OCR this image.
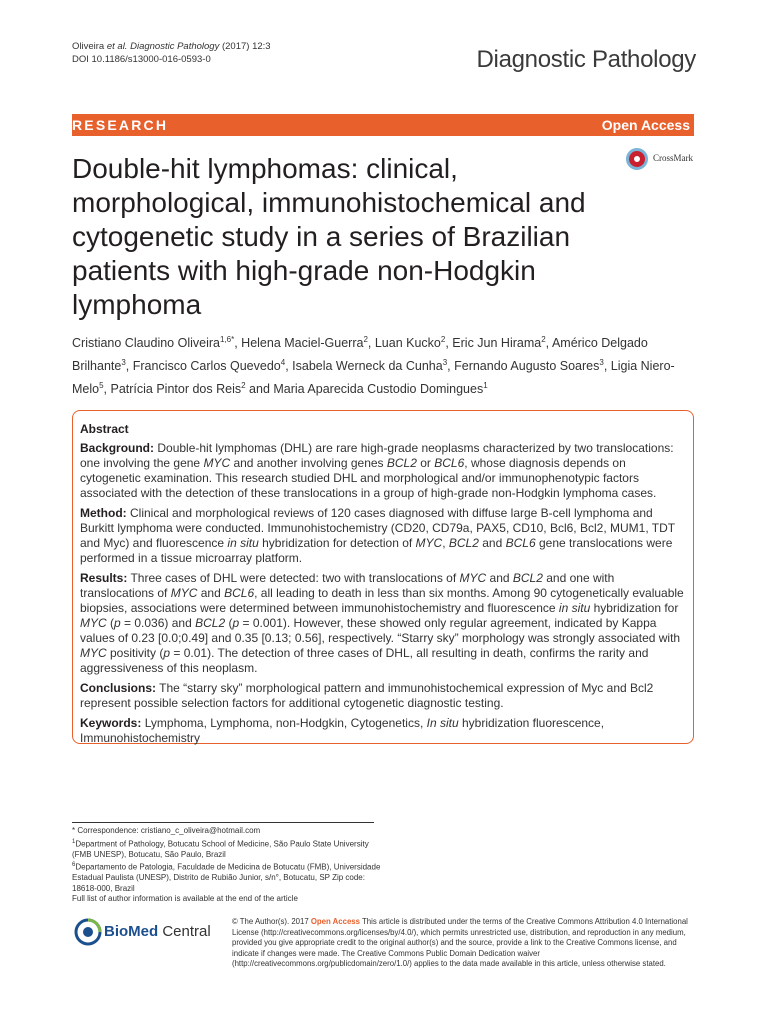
Oliveira et al. Diagnostic Pathology (2017) 12:3
DOI 10.1186/s13000-016-0593-0	Diagnostic Pathology
RESEARCH	Open Access
Double-hit lymphomas: clinical, morphological, immunohistochemical and cytogenetic study in a series of Brazilian patients with high-grade non-Hodgkin lymphoma
CrossMark
Cristiano Claudino Oliveira$^{1,6*}$, Helena Maciel-Guerra$^2$, Luan Kucko$^2$, Eric Jun Hirama$^2$, Américo Delgado Brilhante$^3$, Francisco Carlos Quevedo$^4$, Isabela Werneck da Cunha$^3$, Fernando Augusto Soares$^3$, Ligia Niero-Melo$^5$, Patrícia Pintor dos Reis$^2$ and Maria Aparecida Custodio Domingues$^1$
Abstract

Background: Double-hit lymphomas (DHL) are rare high-grade neoplasms characterized by two translocations: one involving the gene MYC and another involving genes BCL2 or BCL6, whose diagnosis depends on cytogenetic examination. This research studied DHL and morphological and/or immunophenotypic factors associated with the detection of these translocations in a group of high-grade non-Hodgkin lymphoma cases.

Method: Clinical and morphological reviews of 120 cases diagnosed with diffuse large B-cell lymphoma and Burkitt lymphoma were conducted. Immunohistochemistry (CD20, CD79a, PAX5, CD10, Bcl6, Bcl2, MUM1, TDT and Myc) and fluorescence in situ hybridization for detection of MYC, BCL2 and BCL6 gene translocations were performed in a tissue microarray platform.

Results: Three cases of DHL were detected: two with translocations of MYC and BCL2 and one with translocations of MYC and BCL6, all leading to death in less than six months. Among 90 cytogenetically evaluable biopsies, associations were determined between immunohistochemistry and fluorescence in situ hybridization for MYC (p = 0.036) and BCL2 (p = 0.001). However, these showed only regular agreement, indicated by Kappa values of 0.23 [0.0;0.49] and 0.35 [0.13; 0.56], respectively. “Starry sky” morphology was strongly associated with MYC positivity (p = 0.01). The detection of three cases of DHL, all resulting in death, confirms the rarity and aggressiveness of this neoplasm.

Conclusions: The “starry sky” morphological pattern and immunohistochemical expression of Myc and Bcl2 represent possible selection factors for additional cytogenetic diagnostic testing.

Keywords: Lymphoma, Lymphoma, non-Hodgkin, Cytogenetics, In situ hybridization fluorescence, Immunohistochemistry

* Correspondence: cristiano_c_oliveira@hotmail.com
$^1$Department of Pathology, Botucatu School of Medicine, São Paulo State University (FMB UNESP), Botucatu, São Paulo, Brazil
$^6$Departamento de Patologia, Faculdade de Medicina de Botucatu (FMB), Universidade Estadual Paulista (UNESP), Distrito de Rubião Junior, s/n°, Botucatu, SP Zip code: 18618-000, Brazil
Full list of author information is available at the end of the article
BioMed Central
© The Author(s). 2017 Open Access This article is distributed under the terms of the Creative Commons Attribution 4.0 International License (http://creativecommons.org/licenses/by/4.0/), which permits unrestricted use, distribution, and reproduction in any medium, provided you give appropriate credit to the original author(s) and the source, provide a link to the Creative Commons license, and indicate if changes were made. The Creative Commons Public Domain Dedication waiver (http://creativecommons.org/publicdomain/zero/1.0/) applies to the data made available in this article, unless otherwise stated.
